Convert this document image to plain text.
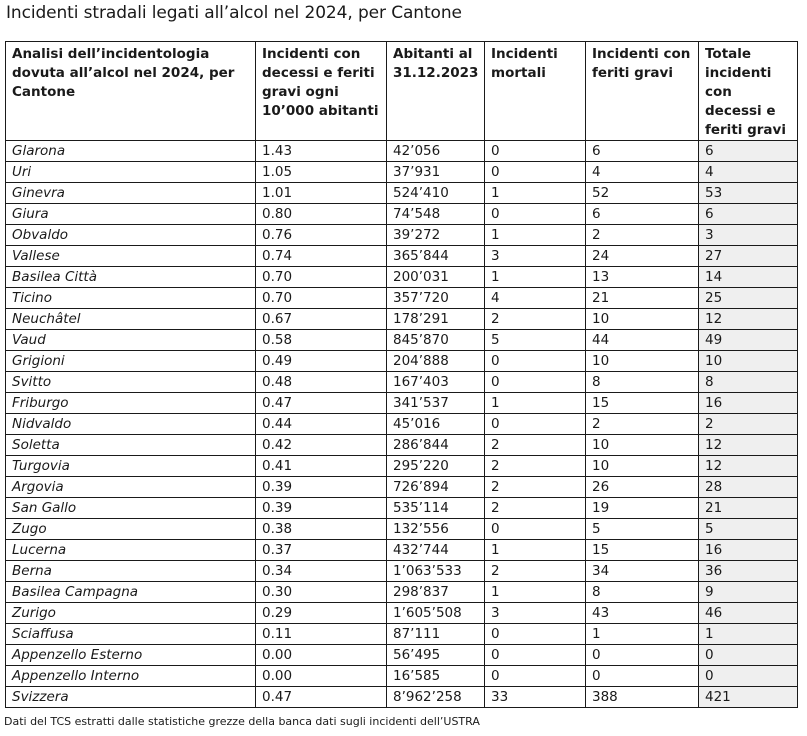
Incidenti stradali legati all’alcol nel 2024, per Cantone
Analisi dell’incidentologia dovuta all’alcol nel 2024, per Cantone	Incidenti con decessi e feriti gravi ogni 10’000 abitanti	Abitanti al 31.12.2023	Incidenti mortali	Incidenti con feriti gravi	Totale incidenti con decessi e feriti gravi
Glarona	1.43	42’056	0	6	6
Uri	1.05	37’931	0	4	4
Ginevra	1.01	524’410	1	52	53
Giura	0.80	74’548	0	6	6
Obvaldo	0.76	39’272	1	2	3
Vallese	0.74	365’844	3	24	27
Basilea Città	0.70	200’031	1	13	14
Ticino	0.70	357’720	4	21	25
Neuchâtel	0.67	178’291	2	10	12
Vaud	0.58	845’870	5	44	49
Grigioni	0.49	204’888	0	10	10
Svitto	0.48	167’403	0	8	8
Friburgo	0.47	341’537	1	15	16
Nidvaldo	0.44	45’016	0	2	2
Soletta	0.42	286’844	2	10	12
Turgovia	0.41	295’220	2	10	12
Argovia	0.39	726’894	2	26	28
San Gallo	0.39	535’114	2	19	21
Zugo	0.38	132’556	0	5	5
Lucerna	0.37	432’744	1	15	16
Berna	0.34	1’063’533	2	34	36
Basilea Campagna	0.30	298’837	1	8	9
Zurigo	0.29	1’605’508	3	43	46
Sciaffusa	0.11	87’111	0	1	1
Appenzello Esterno	0.00	56’495	0	0	0
Appenzello Interno	0.00	16’585	0	0	0
Svizzera	0.47	8’962’258	33	388	421
Dati del TCS estratti dalle statistiche grezze della banca dati sugli incidenti dell’USTRA
